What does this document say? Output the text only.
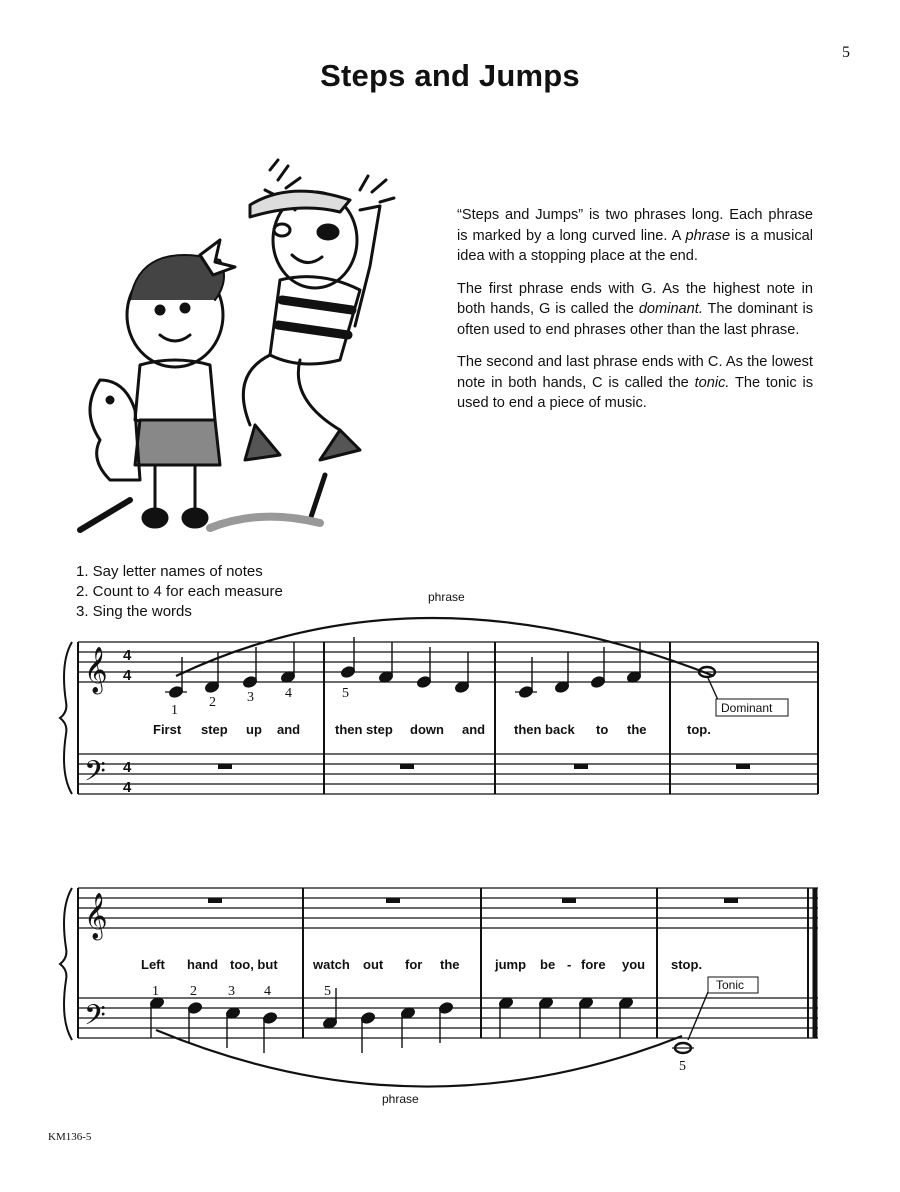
5
Steps and Jumps

“Steps and Jumps” is two phrases long. Each phrase is marked by a long curved line. A phrase is a musical idea with a stopping place at the end.

The first phrase ends with G. As the highest note in both hands, G is called the dominant. The dominant is often used to end phrases other than the last phrase.

The second and last phrase ends with C. As the lowest note in both hands, C is called the tonic. The tonic is used to end a piece of music.

1. Say letter names of notes
2. Count to 4 for each measure
3. Sing the words
𝄞
𝄢
4
4
4
4
1
2 3 4	5
phrase
First step up and	then step down and then back to the	top.
Dominant
𝄞
𝄢
1 2 3 4	5
5
phrase
Left hand too, but	watch out for the	jump be - fore you stop.
Tonic
KM136-5
